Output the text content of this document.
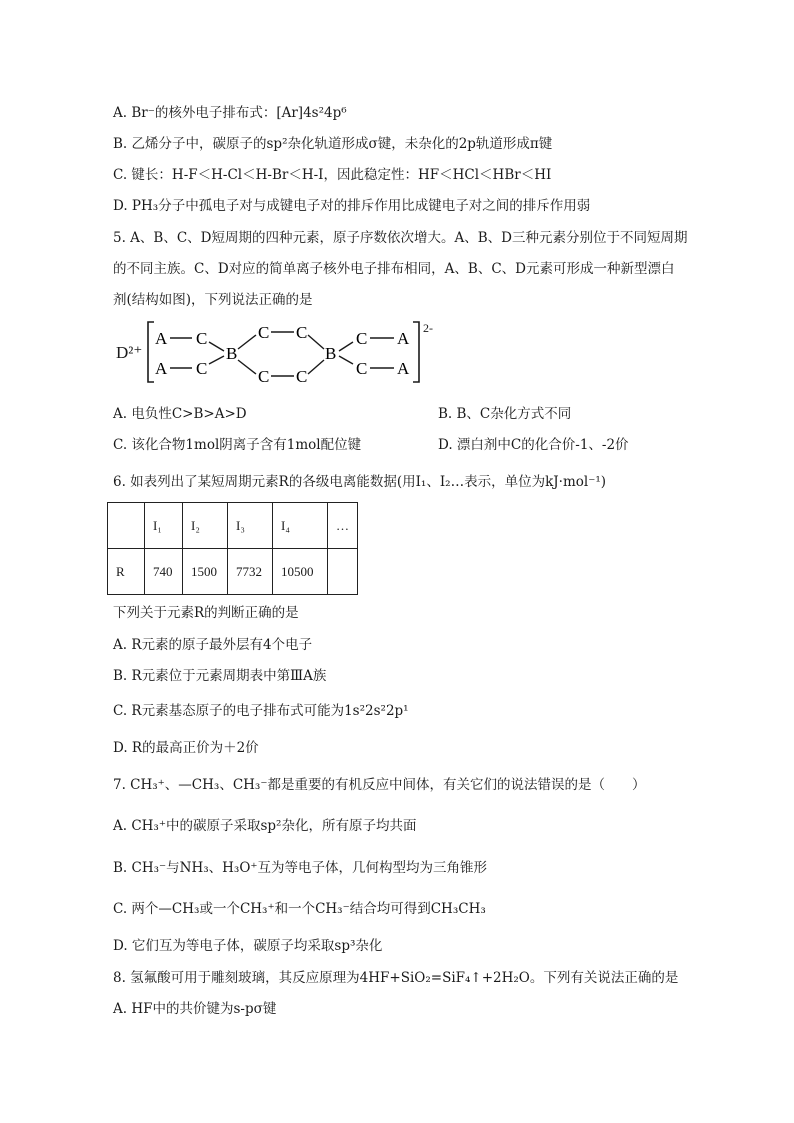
A. Br⁻的核外电子排布式：[Ar]4s²4p⁶
B. 乙烯分子中，碳原子的sp²杂化轨道形成σ键，未杂化的2p轨道形成π键
C. 键长：H-F＜H-Cl＜H-Br＜H-I，因此稳定性：HF＜HCl＜HBr＜HI
D. PH₃分子中孤电子对与成键电子对的排斥作用比成键电子对之间的排斥作用弱
5. A、B、C、D短周期的四种元素，原子序数依次增大。A、B、D三种元素分别位于不同短周期
的不同主族。C、D对应的简单离子核外电子排布相同，A、B、C、D元素可形成一种新型漂白
剂(结构如图)，下列说法正确的是
D²⁺
2-
A
A
C
C
B
C C
C C
B
C
C
A
A
A. 电负性C>B>A>D	B. B、C杂化方式不同
C. 该化合物1mol阴离子含有1mol配位键	D. 漂白剂中C的化合价-1、-2价
6. 如表列出了某短周期元素R的各级电离能数据(用I₁、I₂…表示，单位为kJ·mol⁻¹)
	I₁	I₂	I₃	I₄	…
R	740	1500	7732	10500	
下列关于元素R的判断正确的是
A. R元素的原子最外层有4个电子
B. R元素位于元素周期表中第ⅢA族
C. R元素基态原子的电子排布式可能为1s²2s²2p¹
D. R的最高正价为＋2价
7. CH₃⁺、—CH₃、CH₃⁻都是重要的有机反应中间体，有关它们的说法错误的是（　　）
A. CH₃⁺中的碳原子采取sp²杂化，所有原子均共面
B. CH₃⁻与NH₃、H₃O⁺互为等电子体，几何构型均为三角锥形
C. 两个—CH₃或一个CH₃⁺和一个CH₃⁻结合均可得到CH₃CH₃
D. 它们互为等电子体，碳原子均采取sp³杂化
8. 氢氟酸可用于雕刻玻璃，其反应原理为4HF+SiO₂=SiF₄↑+2H₂O。下列有关说法正确的是
A. HF中的共价键为s-pσ键
